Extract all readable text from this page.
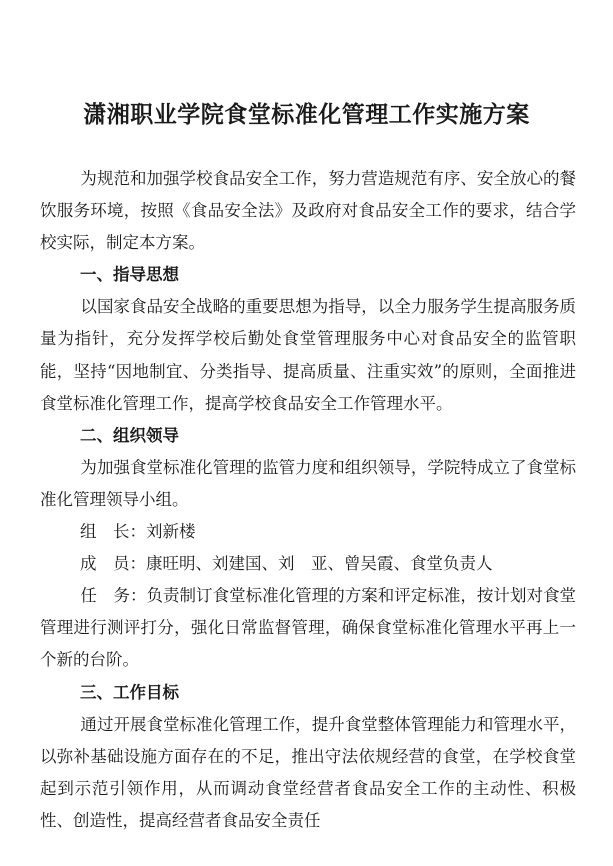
潇湘职业学院食堂标准化管理工作实施方案

为规范和加强学校食品安全工作，努力营造规范有序、安全放心的餐饮服务环境，按照《食品安全法》及政府对食品安全工作的要求，结合学校实际，制定本方案。

一、指导思想

以国家食品安全战略的重要思想为指导，以全力服务学生提高服务质量为指针，充分发挥学校后勤处食堂管理服务中心对食品安全的监管职能，坚持“因地制宜、分类指导、提高质量、注重实效”的原则，全面推进食堂标准化管理工作，提高学校食品安全工作管理水平。

二、组织领导

为加强食堂标准化管理的监管力度和组织领导，学院特成立了食堂标准化管理领导小组。

组　长：刘新楼

成　员：康旺明、刘建国、刘　亚、曾吴霞、食堂负责人

任　务：负责制订食堂标准化管理的方案和评定标准，按计划对食堂管理进行测评打分，强化日常监督管理，确保食堂标准化管理水平再上一个新的台阶。

三、工作目标

通过开展食堂标准化管理工作，提升食堂整体管理能力和管理水平，以弥补基础设施方面存在的不足，推出守法依规经营的食堂，在学校食堂起到示范引领作用，从而调动食堂经营者食品安全工作的主动性、积极性、创造性，提高经营者食品安全责任
